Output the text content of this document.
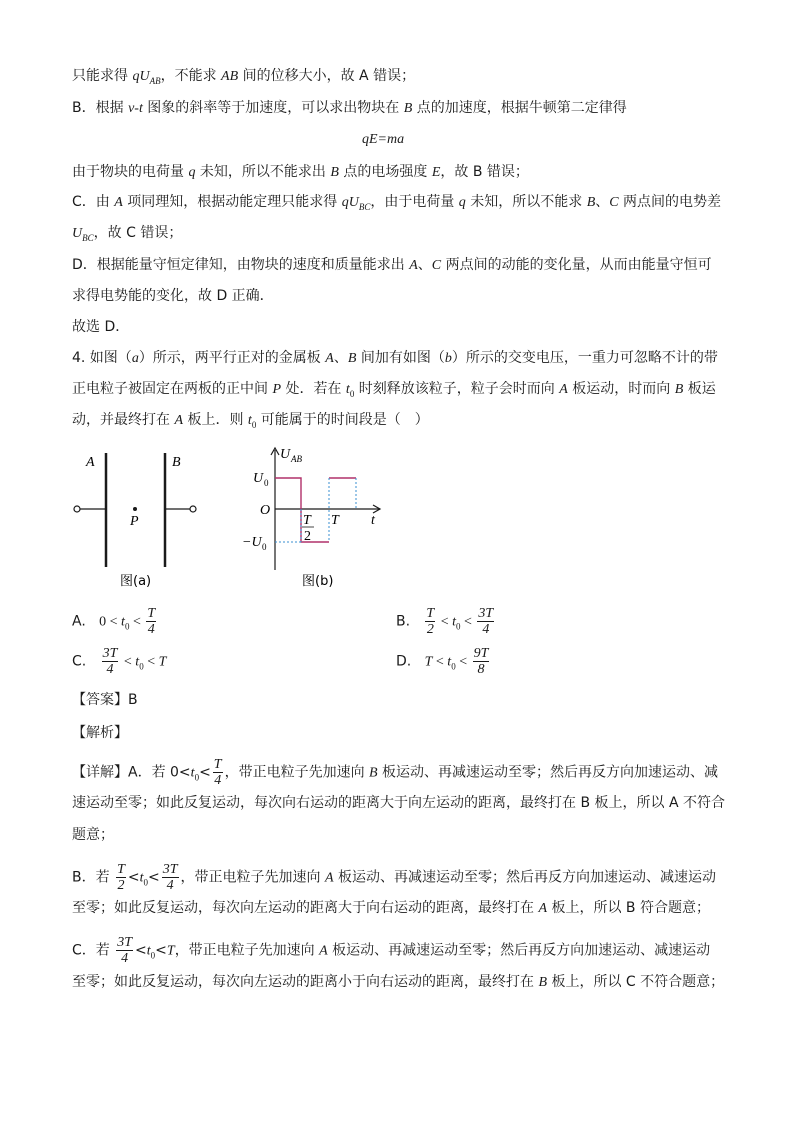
只能求得 $qU_{AB}$，不能求 AB 间的位移大小，故 A 错误；
B．根据 v-t 图象的斜率等于加速度，可以求出物块在 B 点的加速度，根据牛顿第二定律得
qE=ma
由于物块的电荷量 q 未知，所以不能求出 B 点的电场强度 E，故 B 错误；
C．由 A 项同理知，根据动能定理只能求得 $qU_{BC}$，由于电荷量 q 未知，所以不能求 B、C 两点间的电势差
$U_{BC}$，故 C 错误；
D．根据能量守恒定律知，由物块的速度和质量能求出 A、C 两点间的动能的变化量，从而由能量守恒可
求得电势能的变化，故 D 正确．
故选 D．
4. 如图（a）所示，两平行正对的金属板 A、B 间加有如图（b）所示的交变电压，一重力可忽略不计的带
正电粒子被固定在两板的正中间 P 处．若在 $t_0$ 时刻释放该粒子，粒子会时而向 A 板运动，时而向 B 板运
动，并最终打在 A 板上．则 $t_0$ 可能属于的时间段是（　）
A	B
P
图(a)
U AB
U 0
−U 0
O
T
2
T t
图(b)
A. $0 < t_0 < \frac{T}{4}$	B. $\frac{T}{2} < t_0 < \frac{3T}{4}$
C. $\frac{3T}{4} < t_0 < T$	D. $T < t_0 < \frac{9T}{8}$
【答案】B
【解析】
【详解】A．若 $0<t_0< \frac{T}{4}$ ，带正电粒子先加速向 B 板运动、再减速运动至零；然后再反方向加速运动、减
速运动至零；如此反复运动，每次向右运动的距离大于向左运动的距离，最终打在 B 板上，所以 A 不符合
题意；
B．若 $\frac{T}{2} <t_0< \frac{3T}{4}$ ，带正电粒子先加速向 A 板运动、再减速运动至零；然后再反方向加速运动、减速运动
至零；如此反复运动，每次向左运动的距离大于向右运动的距离，最终打在 A 板上，所以 B 符合题意；
C．若 $\frac{3T}{4} <t_0<T$，带正电粒子先加速向 A 板运动、再减速运动至零；然后再反方向加速运动、减速运动
至零；如此反复运动，每次向左运动的距离小于向右运动的距离，最终打在 B 板上，所以 C 不符合题意；
